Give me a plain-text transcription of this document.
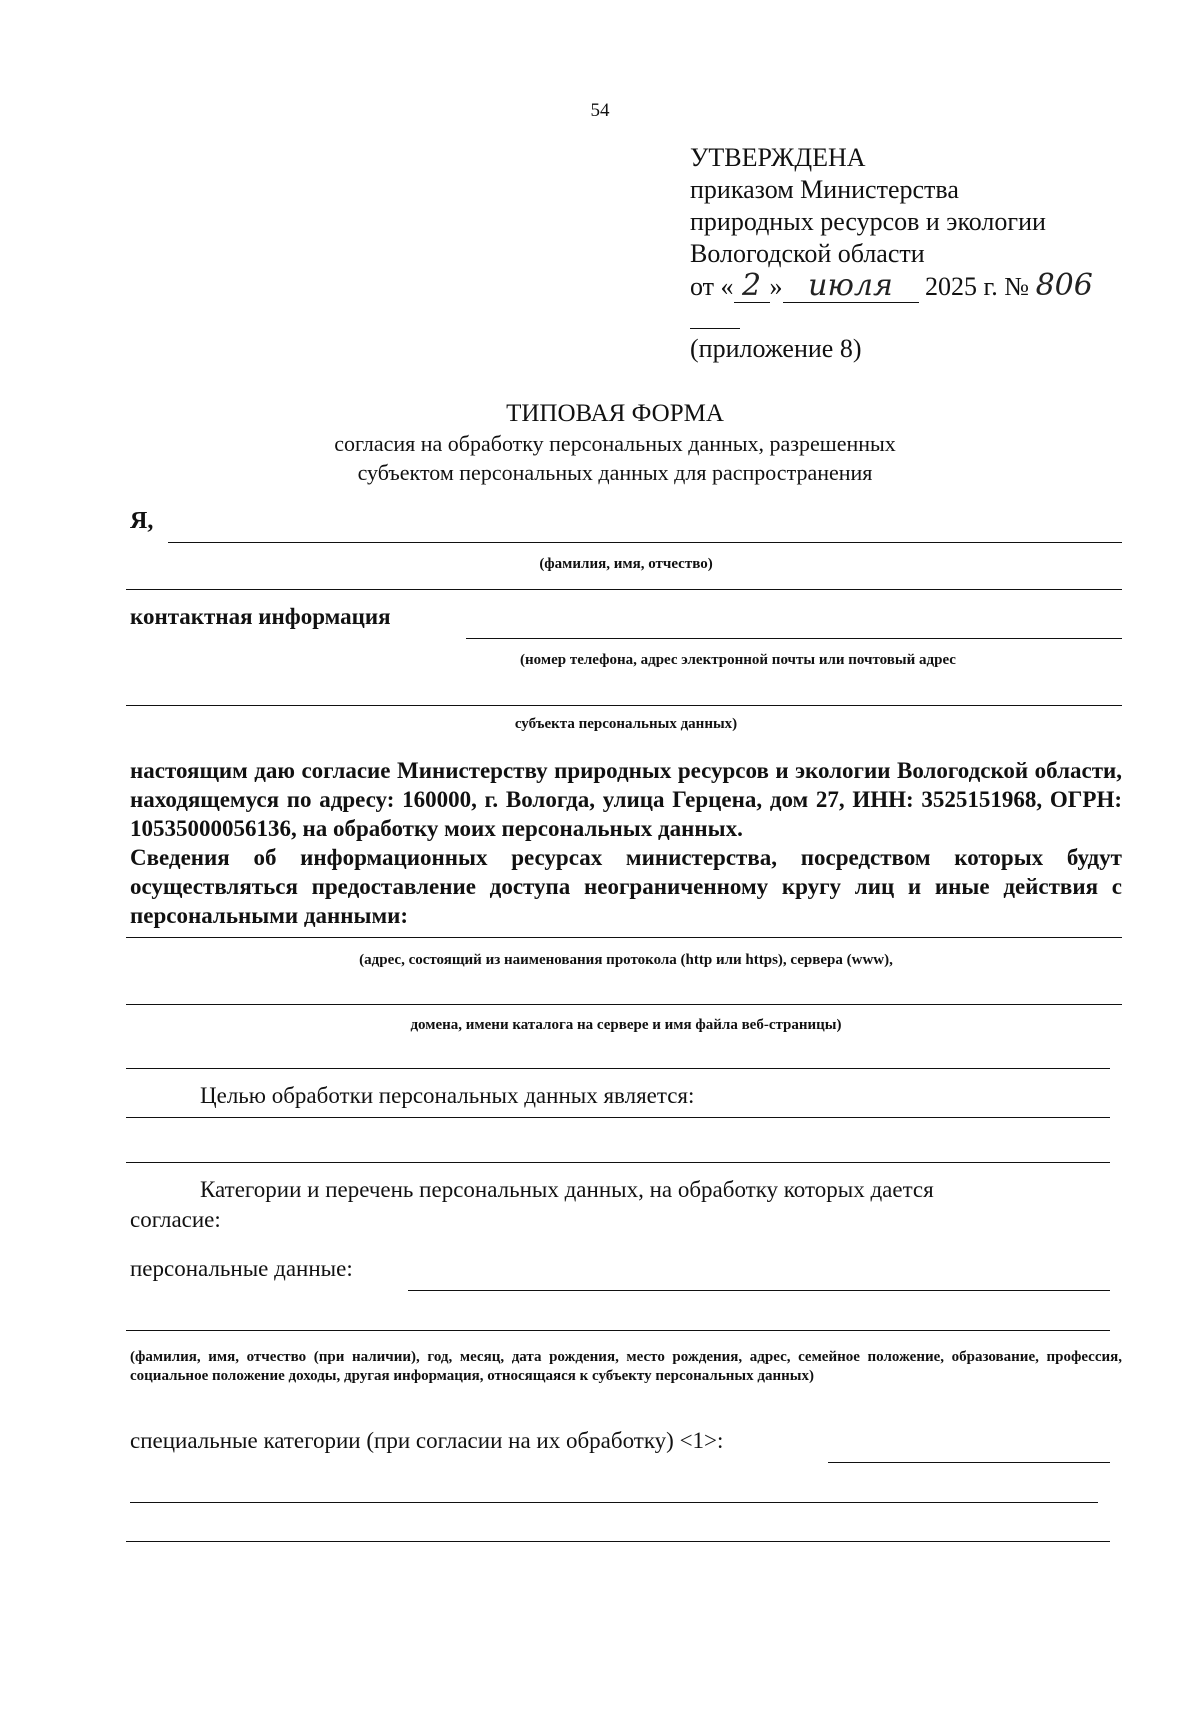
54
УТВЕРЖДЕНА
приказом Министерства
природных ресурсов и экологии
Вологодской области
от « 2 » июля 2025 г. № 806
(приложение 8)
ТИПОВАЯ ФОРМА
согласия на обработку персональных данных, разрешенных
субъектом персональных данных для распространения
Я,
(фамилия, имя, отчество)
контактная информация
(номер телефона, адрес электронной почты или почтовый адрес
субъекта персональных данных)

настоящим даю согласие Министерству природных ресурсов и экологии Вологодской области, находящемуся по адресу: 160000, г. Вологда, улица Герцена, дом 27, ИНН: 3525151968, ОГРН: 10535000056136, на обработку моих персональных данных.

Сведения об информационных ресурсах министерства, посредством которых будут осуществляться предоставление доступа неограниченному кругу лиц и иные действия с персональными данными:

(адрес, состоящий из наименования протокола (http или https), сервера (www),
домена, имени каталога на сервере и имя файла веб-страницы)
Целью обработки персональных данных является:
Категории и перечень персональных данных, на обработку которых дается
согласие:
персональные данные:
(фамилия, имя, отчество (при наличии), год, месяц, дата рождения, место рождения, адрес, семейное положение, образование, профессия, социальное положение доходы, другая информация, относящаяся к субъекту персональных данных)
специальные категории (при согласии на их обработку) <1>:
